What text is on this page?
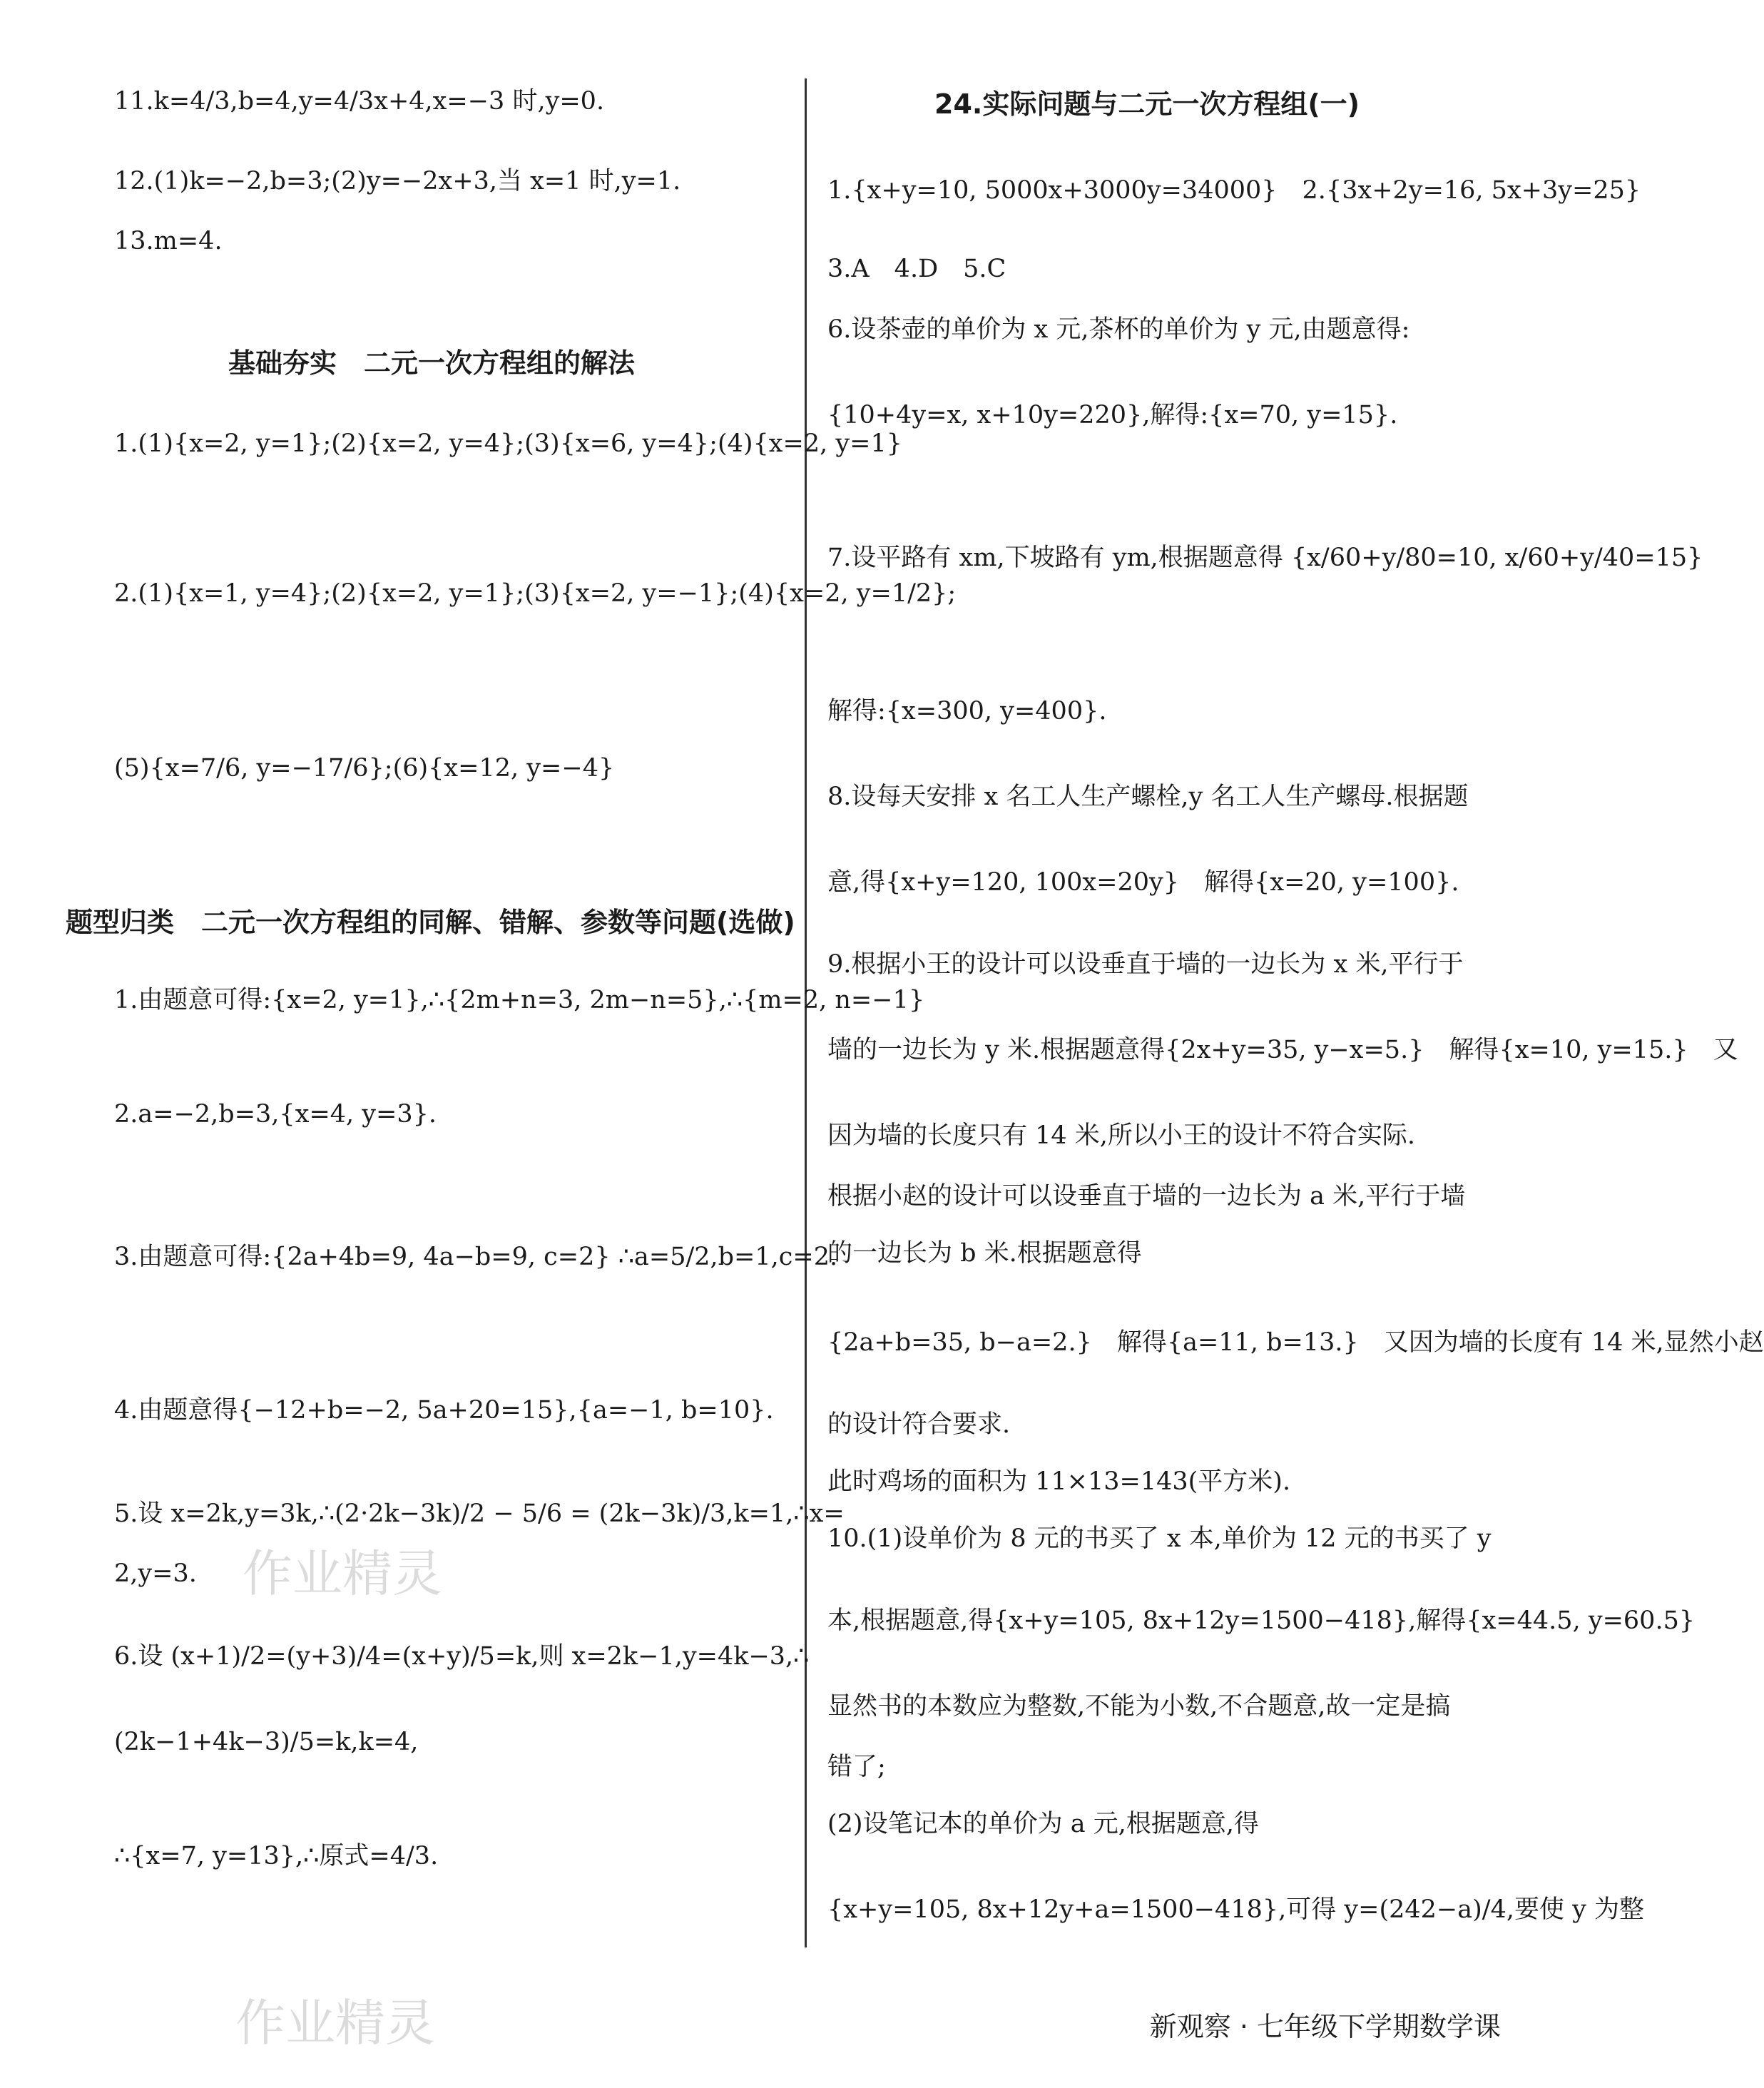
11.k=4/3,b=4,y=4/3x+4,x=−3 时,y=0.
12.(1)k=−2,b=3;(2)y=−2x+3,当 x=1 时,y=1.
13.m=4.
基础夯实　二元一次方程组的解法
1.(1){x=2, y=1};(2){x=2, y=4};(3){x=6, y=4};(4){x=2, y=1}
2.(1){x=1, y=4};(2){x=2, y=1};(3){x=2, y=−1};(4){x=2, y=1/2};
(5){x=7/6, y=−17/6};(6){x=12, y=−4}
题型归类　二元一次方程组的同解、错解、参数等问题(选做)
1.由题意可得:{x=2, y=1},∴{2m+n=3, 2m−n=5},∴{m=2, n=−1}
2.a=−2,b=3,{x=4, y=3}.
3.由题意可得:{2a+4b=9, 4a−b=9, c=2} ∴a=5/2,b=1,c=2.
4.由题意得{−12+b=−2, 5a+20=15},{a=−1, b=10}.
5.设 x=2k,y=3k,∴(2·2k−3k)/2 − 5/6 = (2k−3k)/3,k=1,∴x=
2,y=3.
6.设 (x+1)/2=(y+3)/4=(x+y)/5=k,则 x=2k−1,y=4k−3,∴
(2k−1+4k−3)/5=k,k=4,
∴{x=7, y=13},∴原式=4/3.
24.实际问题与二元一次方程组(一)
1.{x+y=10, 5000x+3000y=34000}　2.{3x+2y=16, 5x+3y=25}
3.A　4.D　5.C
6.设茶壶的单价为 x 元,茶杯的单价为 y 元,由题意得:
{10+4y=x, x+10y=220},解得:{x=70, y=15}.
7.设平路有 xm,下坡路有 ym,根据题意得 {x/60+y/80=10, x/60+y/40=15}
解得:{x=300, y=400}.
8.设每天安排 x 名工人生产螺栓,y 名工人生产螺母.根据题
意,得{x+y=120, 100x=20y}　解得{x=20, y=100}.
9.根据小王的设计可以设垂直于墙的一边长为 x 米,平行于
墙的一边长为 y 米.根据题意得{2x+y=35, y−x=5.}　解得{x=10, y=15.}　又
因为墙的长度只有 14 米,所以小王的设计不符合实际.
根据小赵的设计可以设垂直于墙的一边长为 a 米,平行于墙
的一边长为 b 米.根据题意得
{2a+b=35, b−a=2.}　解得{a=11, b=13.}　又因为墙的长度有 14 米,显然小赵
的设计符合要求.
此时鸡场的面积为 11×13=143(平方米).
10.(1)设单价为 8 元的书买了 x 本,单价为 12 元的书买了 y
本,根据题意,得{x+y=105, 8x+12y=1500−418},解得{x=44.5, y=60.5}
显然书的本数应为整数,不能为小数,不合题意,故一定是搞
错了;
(2)设笔记本的单价为 a 元,根据题意,得
{x+y=105, 8x+12y+a=1500−418},可得 y=(242−a)/4,要使 y 为整
作业精灵
作业精灵	新观察 · 七年级下学期数学课
